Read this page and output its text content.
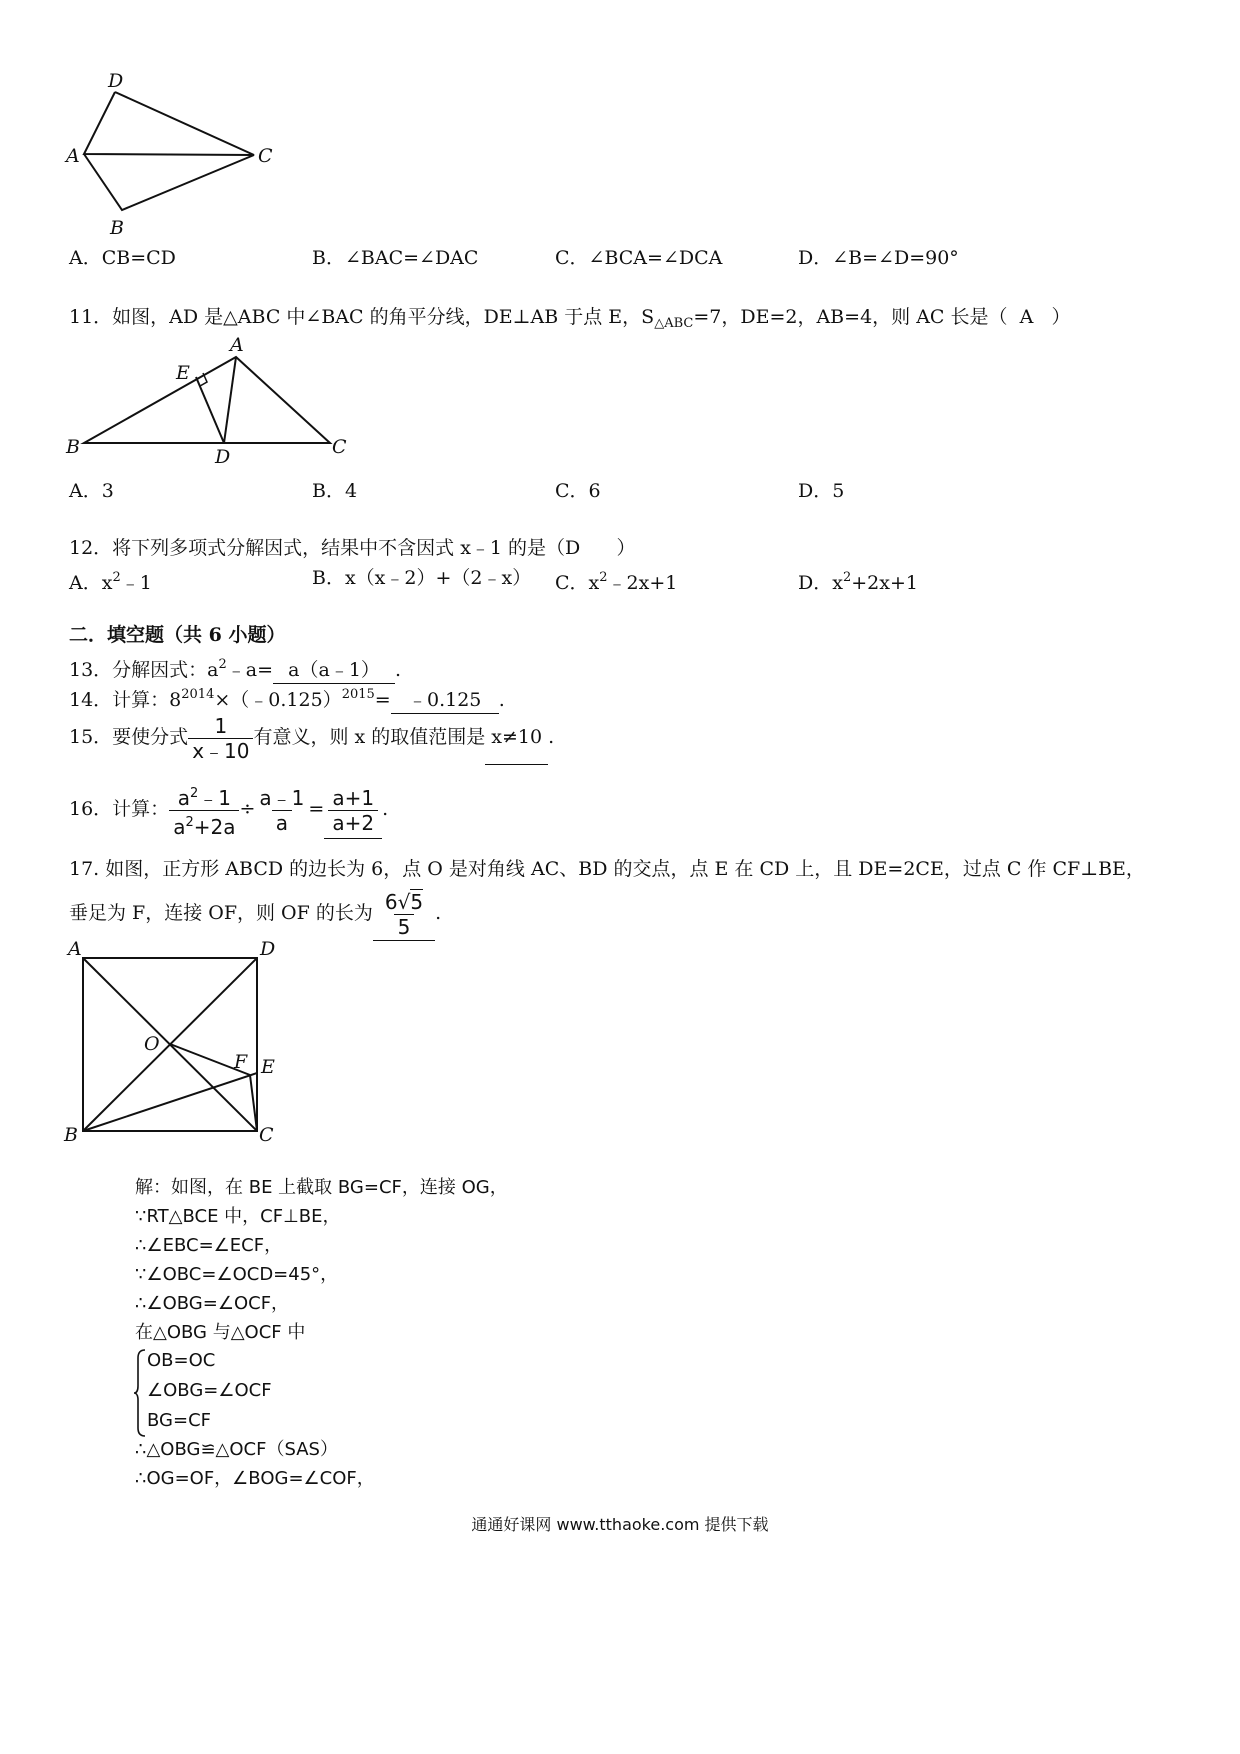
D
A	C
B
A．CB=CD	B．∠BAC=∠DAC	C．∠BCA=∠DCA	D．∠B=∠D=90°
11．如图，AD 是△ABC 中∠BAC 的角平分线，DE⊥AB 于点 E，$S_{\triangle ABC}=7$，DE=2，AB=4，则 AC 长是（ A ）
A
E
B	D	C
A．3	B．4	C．6	D．5
12．将下列多项式分解因式，结果中不含因式 x﹣1 的是（D ）
A．$x^2﹣1$	B．x（x﹣2）+（2﹣x） C．$x^2﹣2x+1$	D．$x^2+2x+1$
二．填空题（共 6 小题）
13．分解因式：$a^2﹣a=$ a（a﹣1） .
14．计算：$8^{2014}\times(﹣0.125)^{2015}=$ ﹣0.125 .
15．要使分式 $\frac{1}{x﹣10}$ 有意义，则 x 的取值范围是 x≠10 .
16．计算： $\frac{a^2﹣1}{a^2+2a} \div \frac{a﹣1}{a} = \frac{a+1}{a+2}$ .
17. 如图，正方形 ABCD 的边长为 6，点 O 是对角线 AC、BD 的交点，点 E 在 CD 上，且 DE=2CE，过点 C 作 CF⊥BE，
垂足为 F，连接 OF，则 OF 的长为 $\frac{6√5}{5}$ .
A	D
O
F E
B	C
解：如图，在 BE 上截取 BG=CF，连接 OG，
∵RT△BCE 中，CF⊥BE，
∴∠EBC=∠ECF，
∵∠OBC=∠OCD=45°，
∴∠OBG=∠OCF，
在△OBG 与△OCF 中
OB=OC
∠OBG=∠OCF
BG=CF
∴△OBG≌△OCF（SAS）
∴OG=OF，∠BOG=∠COF，
通通好课网 www.tthaoke.com 提供下载
